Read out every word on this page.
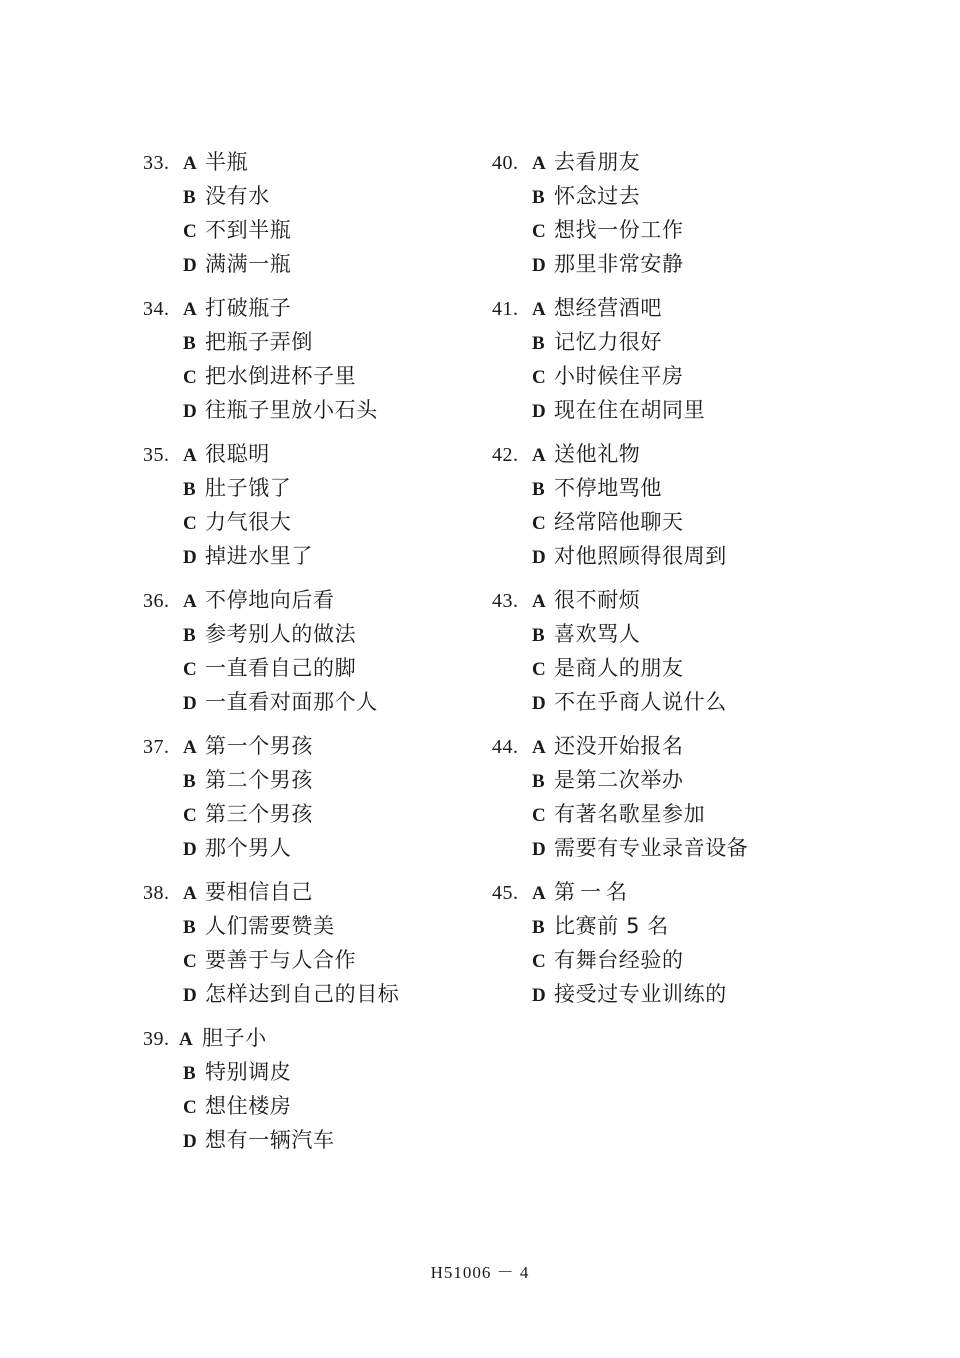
33. A 半瓶
B 没有水
C 不到半瓶
D 满满一瓶
34. A 打破瓶子
B 把瓶子弄倒
C 把水倒进杯子里
D 往瓶子里放小石头
35. A 很聪明
B 肚子饿了
C 力气很大
D 掉进水里了
36. A 不停地向后看
B 参考别人的做法
C 一直看自己的脚
D 一直看对面那个人
37. A 第一个男孩
B 第二个男孩
C 第三个男孩
D 那个男人
38. A 要相信自己
B 人们需要赞美
C 要善于与人合作
D 怎样达到自己的目标
39. A 胆子小
B 特别调皮
C 想住楼房
D 想有一辆汽车
40. A 去看朋友
B 怀念过去
C 想找一份工作
D 那里非常安静
41. A 想经营酒吧
B 记忆力很好
C 小时候住平房
D 现在住在胡同里
42. A 送他礼物
B 不停地骂他
C 经常陪他聊天
D 对他照顾得很周到
43. A 很不耐烦
B 喜欢骂人
C 是商人的朋友
D 不在乎商人说什么
44. A 还没开始报名
B 是第二次举办
C 有著名歌星参加
D 需要有专业录音设备
45. A 第一名
B 比赛前 5 名
C 有舞台经验的
D 接受过专业训练的
H51006 － 4
